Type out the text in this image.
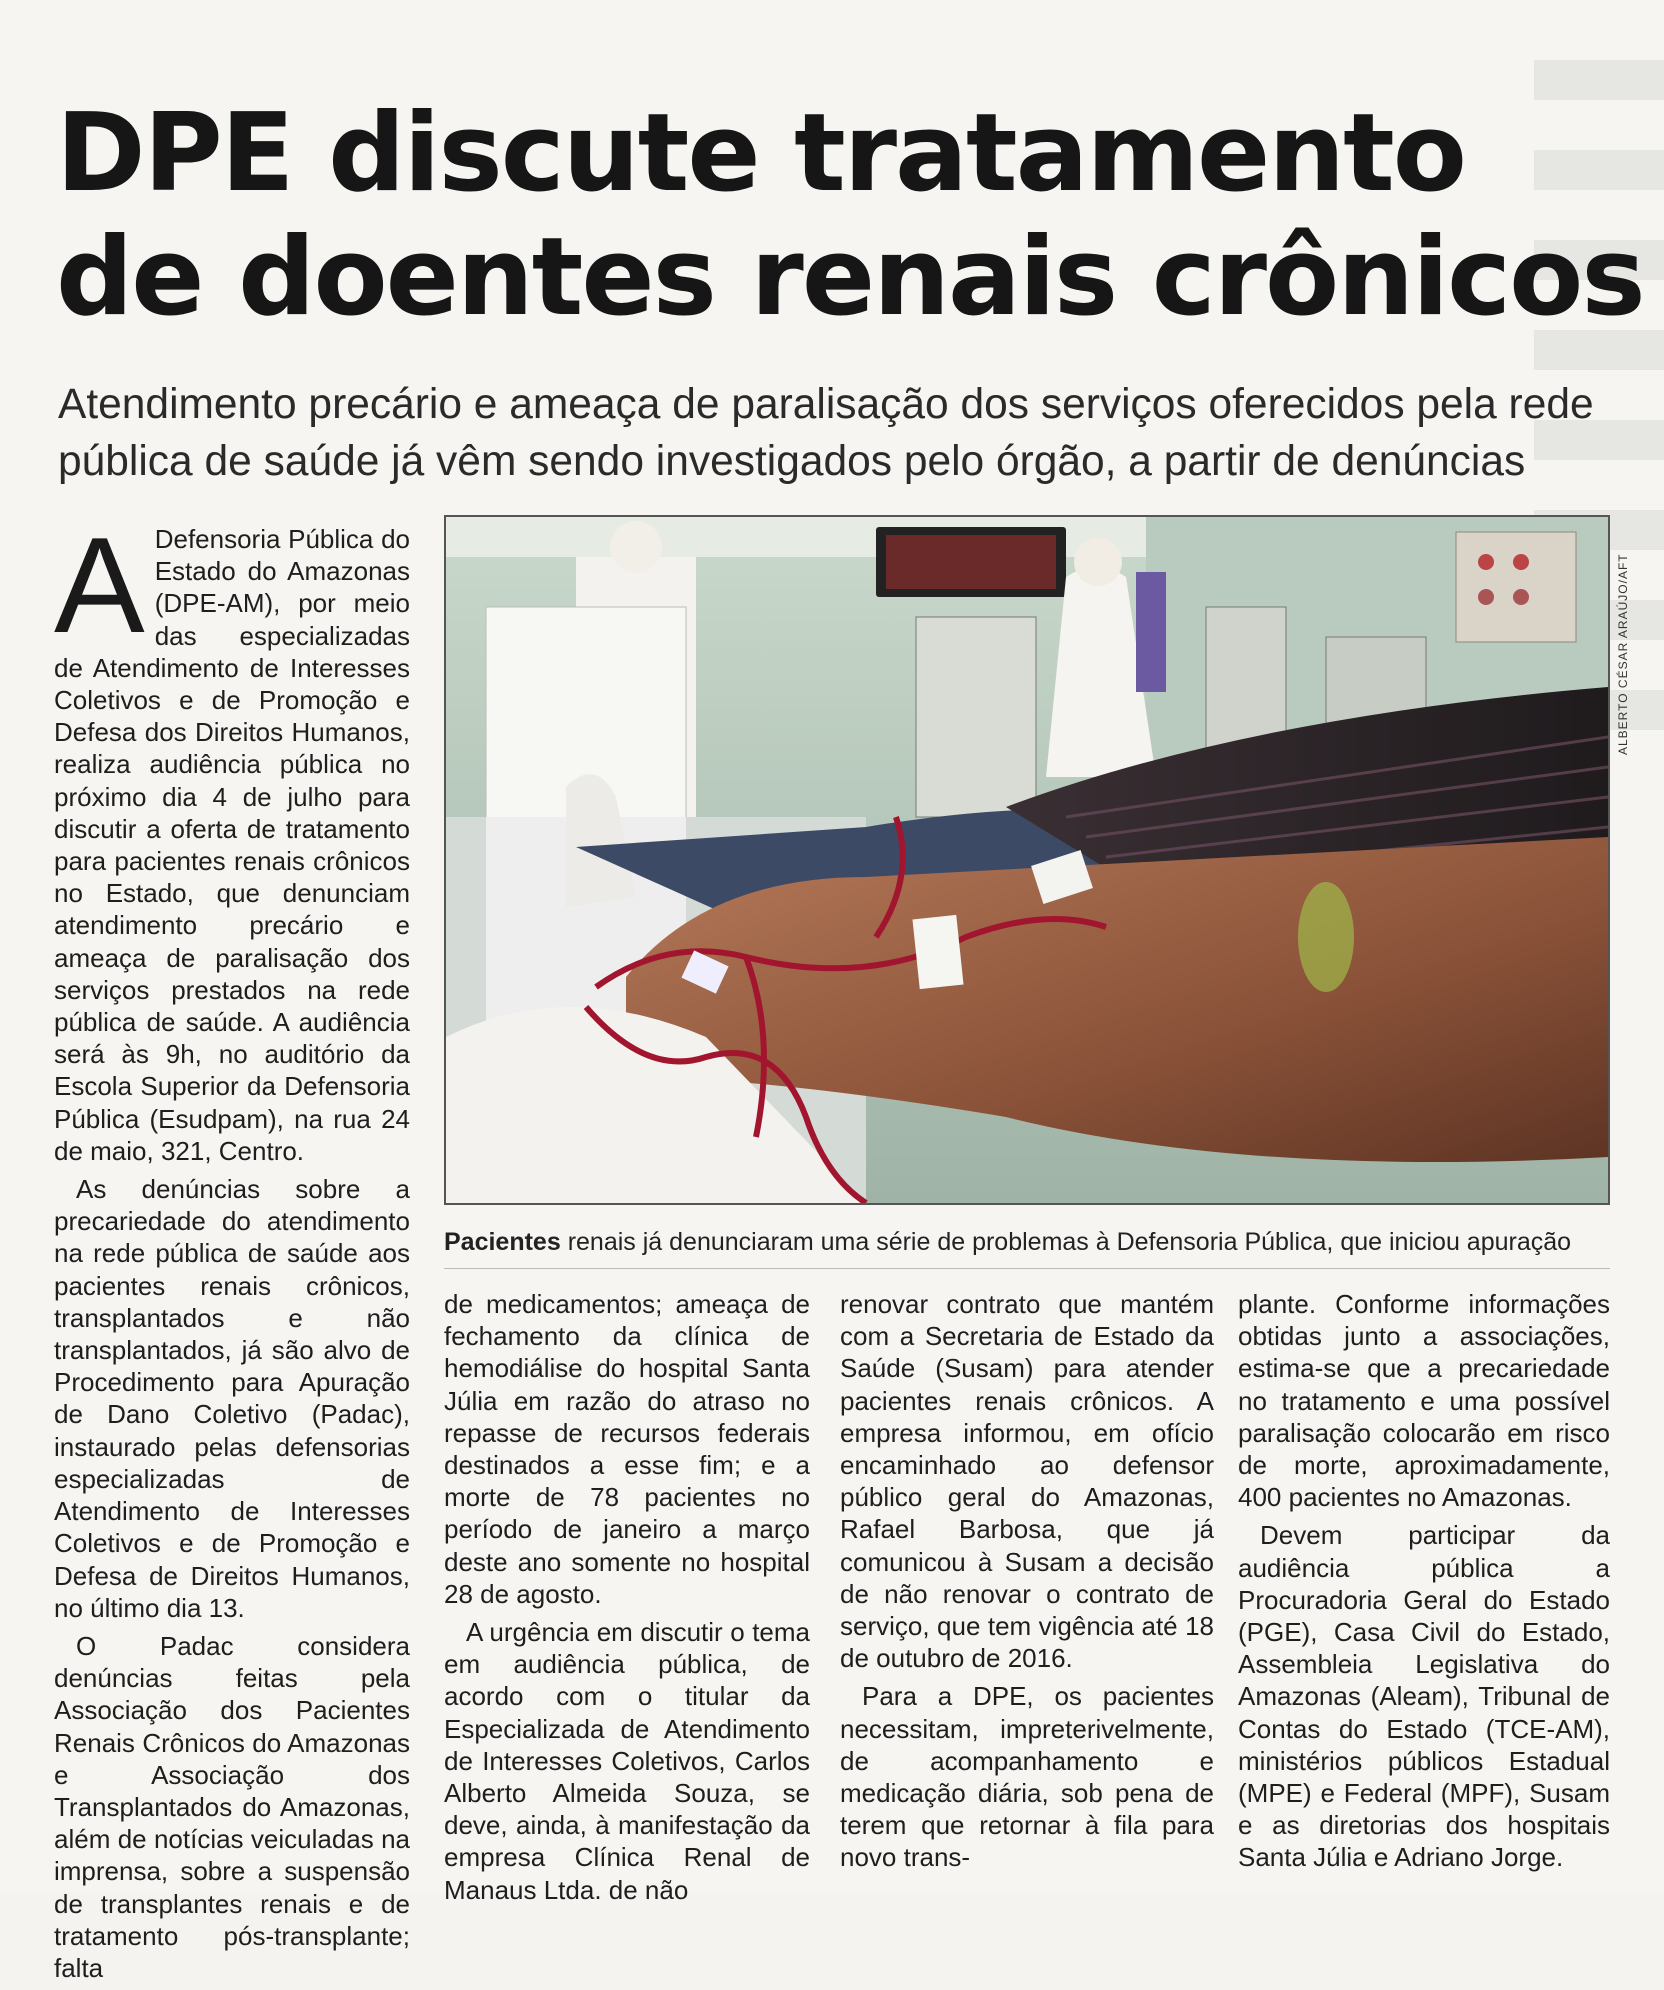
DPE discute tratamento
de doentes renais crônicos

Atendimento precário e ameaça de paralisação dos serviços oferecidos pela rede
pública de saúde já vêm sendo investigados pelo órgão, a partir de denúncias

A Defensoria Pública do Estado do Amazonas (DPE-AM), por meio das especializadas de Atendimento de Interesses Coletivos e de Promoção e Defesa dos Direitos Humanos, realiza audiência pública no próximo dia 4 de julho para discutir a oferta de tratamento para pacientes renais crônicos no Estado, que denunciam atendimento precário e ameaça de paralisação dos serviços prestados na rede pública de saúde. A audiência será às 9h, no auditório da Escola Superior da Defensoria Pública (Esudpam), na rua 24 de maio, 321, Centro.

As denúncias sobre a precariedade do atendimento na rede pública de saúde aos pacientes renais crônicos, transplantados e não transplantados, já são alvo de Procedimento para Apuração de Dano Coletivo (Padac), instaurado pelas defensorias especializadas de Atendimento de Interesses Coletivos e de Promoção e Defesa de Direitos Humanos, no último dia 13.

O Padac considera denúncias feitas pela Associação dos Pacientes Renais Crônicos do Amazonas e Associação dos Transplantados do Amazonas, além de notícias veiculadas na imprensa, sobre a suspensão de transplantes renais e de tratamento pós-transplante; falta

ALBERTO CÉSAR ARAÚJO/AFT

Pacientes renais já denunciaram uma série de problemas à Defensoria Pública, que iniciou apuração

de medicamentos; ameaça de fechamento da clínica de hemodiálise do hospital Santa Júlia em razão do atraso no repasse de recursos federais destinados a esse fim; e a morte de 78 pacientes no período de janeiro a março deste ano somente no hospital 28 de agosto.

A urgência em discutir o tema em audiência pública, de acordo com o titular da Especializada de Atendimento de Interesses Coletivos, Carlos Alberto Almeida Souza, se deve, ainda, à manifestação da empresa Clínica Renal de Manaus Ltda. de não

renovar contrato que mantém com a Secretaria de Estado da Saúde (Susam) para atender pacientes renais crônicos. A empresa informou, em ofício encaminhado ao defensor público geral do Amazonas, Rafael Barbosa, que já comunicou à Susam a decisão de não renovar o contrato de serviço, que tem vigência até 18 de outubro de 2016.

Para a DPE, os pacientes necessitam, impreterivelmente, de acompanhamento e medicação diária, sob pena de terem que retornar à fila para novo trans-

plante. Conforme informações obtidas junto a associações, estima-se que a precariedade no tratamento e uma possível paralisação colocarão em risco de morte, aproximadamente, 400 pacientes no Amazonas.

Devem participar da audiência pública a Procuradoria Geral do Estado (PGE), Casa Civil do Estado, Assembleia Legislativa do Amazonas (Aleam), Tribunal de Contas do Estado (TCE-AM), ministérios públicos Estadual (MPE) e Federal (MPF), Susam e as diretorias dos hospitais Santa Júlia e Adriano Jorge.
